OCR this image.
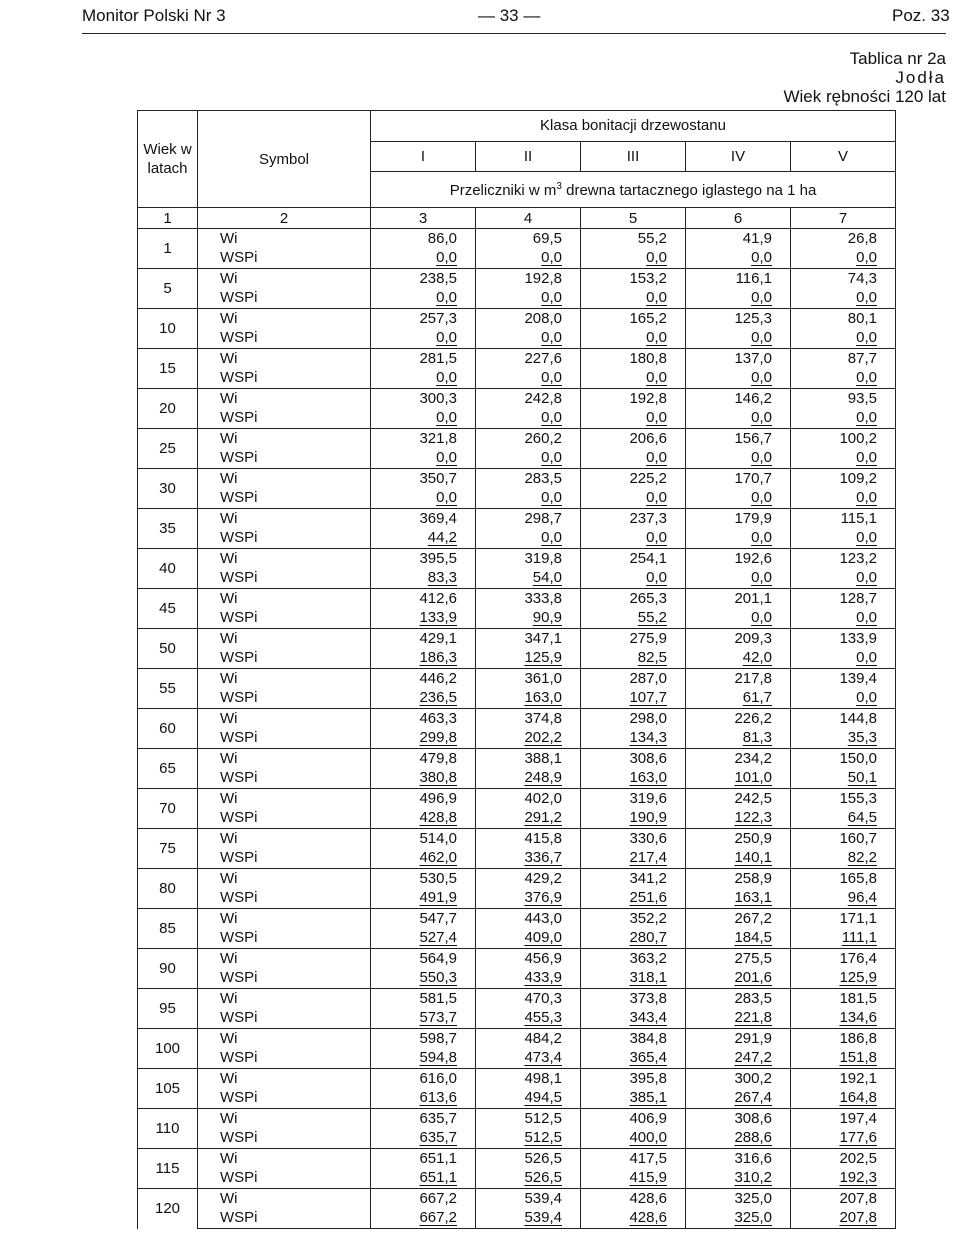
Monitor Polski Nr 3	— 33 —	Poz. 33
Tablica nr 2a
Jodła
Wiek rębności 120 lat
Wiek w latach	Symbol	Klasa bonitacji drzewostanu				
		I	II	III	IV	V
		Przeliczniki w $m^3$ drewna tartacznego iglastego na 1 ha				
1	2	3	4	5	6	7
1	Wi	86,0	69,5	55,2	41,9	26,8
	WSPi	0,0	0,0	0,0	0,0	0,0
5	Wi	238,5	192,8	153,2	116,1	74,3
	WSPi	0,0	0,0	0,0	0,0	0,0
10	Wi	257,3	208,0	165,2	125,3	80,1
	WSPi	0,0	0,0	0,0	0,0	0,0
15	Wi	281,5	227,6	180,8	137,0	87,7
	WSPi	0,0	0,0	0,0	0,0	0,0
20	Wi	300,3	242,8	192,8	146,2	93,5
	WSPi	0,0	0,0	0,0	0,0	0,0
25	Wi	321,8	260,2	206,6	156,7	100,2
	WSPi	0,0	0,0	0,0	0,0	0,0
30	Wi	350,7	283,5	225,2	170,7	109,2
	WSPi	0,0	0,0	0,0	0,0	0,0
35	Wi	369,4	298,7	237,3	179,9	115,1
	WSPi	44,2	0,0	0,0	0,0	0,0
40	Wi	395,5	319,8	254,1	192,6	123,2
	WSPi	83,3	54,0	0,0	0,0	0,0
45	Wi	412,6	333,8	265,3	201,1	128,7
	WSPi	133,9	90,9	55,2	0,0	0,0
50	Wi	429,1	347,1	275,9	209,3	133,9
	WSPi	186,3	125,9	82,5	42,0	0,0
55	Wi	446,2	361,0	287,0	217,8	139,4
	WSPi	236,5	163,0	107,7	61,7	0,0
60	Wi	463,3	374,8	298,0	226,2	144,8
	WSPi	299,8	202,2	134,3	81,3	35,3
65	Wi	479,8	388,1	308,6	234,2	150,0
	WSPi	380,8	248,9	163,0	101,0	50,1
70	Wi	496,9	402,0	319,6	242,5	155,3
	WSPi	428,8	291,2	190,9	122,3	64,5
75	Wi	514,0	415,8	330,6	250,9	160,7
	WSPi	462,0	336,7	217,4	140,1	82,2
80	Wi	530,5	429,2	341,2	258,9	165,8
	WSPi	491,9	376,9	251,6	163,1	96,4
85	Wi	547,7	443,0	352,2	267,2	171,1
	WSPi	527,4	409,0	280,7	184,5	111,1
90	Wi	564,9	456,9	363,2	275,5	176,4
	WSPi	550,3	433,9	318,1	201,6	125,9
95	Wi	581,5	470,3	373,8	283,5	181,5
	WSPi	573,7	455,3	343,4	221,8	134,6
100	Wi	598,7	484,2	384,8	291,9	186,8
	WSPi	594,8	473,4	365,4	247,2	151,8
105	Wi	616,0	498,1	395,8	300,2	192,1
	WSPi	613,6	494,5	385,1	267,4	164,8
110	Wi	635,7	512,5	406,9	308,6	197,4
	WSPi	635,7	512,5	400,0	288,6	177,6
115	Wi	651,1	526,5	417,5	316,6	202,5
	WSPi	651,1	526,5	415,9	310,2	192,3
120	Wi	667,2	539,4	428,6	325,0	207,8
	WSPi	667,2	539,4	428,6	325,0	207,8
